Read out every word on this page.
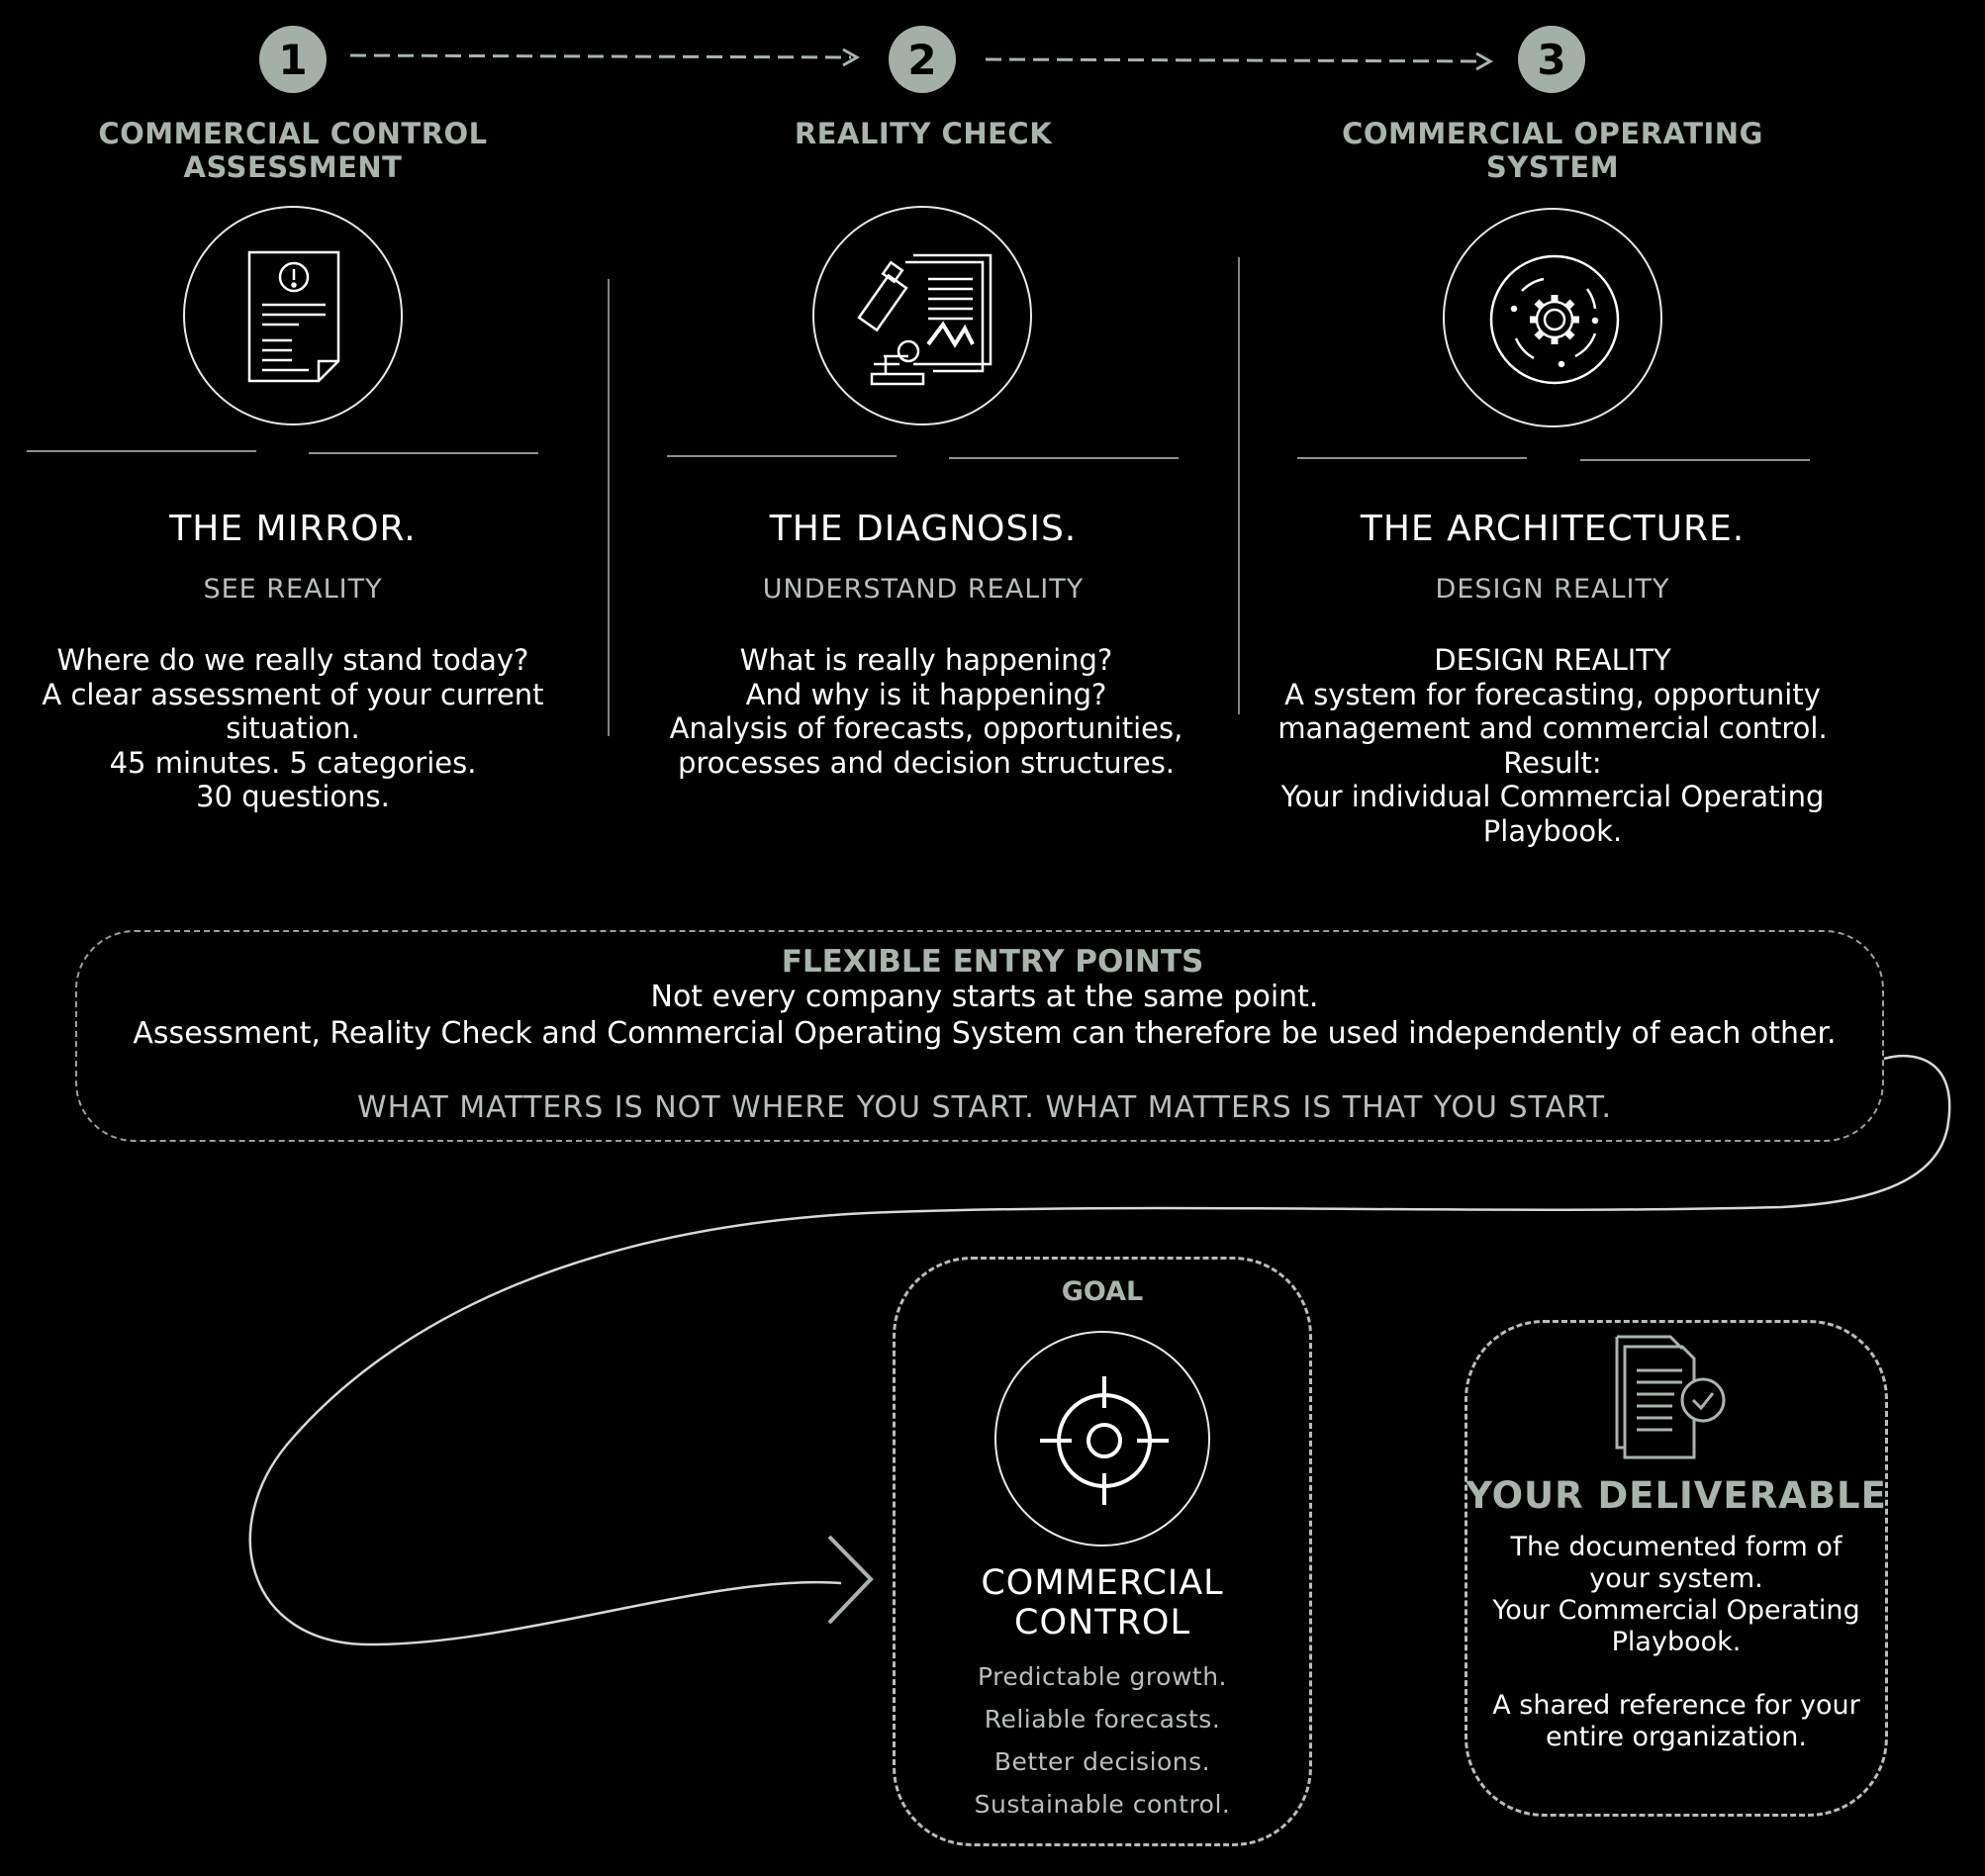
1
COMMERCIAL CONTROL
ASSESSMENT
THE MIRROR.
SEE REALITY
Where do we really stand today?
A clear assessment of your current
situation.
45 minutes. 5 categories.
30 questions.
2
REALITY CHECK
THE DIAGNOSIS.
UNDERSTAND REALITY
What is really happening?
And why is it happening?
Analysis of forecasts, opportunities,
processes and decision structures.
3
COMMERCIAL OPERATING
SYSTEM
THE ARCHITECTURE.
DESIGN REALITY
DESIGN REALITY
A system for forecasting, opportunity
management and commercial control.
Result:
Your individual Commercial Operating
Playbook.
FLEXIBLE ENTRY POINTS
Not every company starts at the same point.
Assessment, Reality Check and Commercial Operating System can therefore be used independently of each other.
WHAT MATTERS IS NOT WHERE YOU START. WHAT MATTERS IS THAT YOU START.
GOAL
COMMERCIAL
CONTROL
Predictable growth.
Reliable forecasts.
Better decisions.
Sustainable control.
YOUR DELIVERABLE
The documented form of
your system.
Your Commercial Operating
Playbook.
A shared reference for your
entire organization.
